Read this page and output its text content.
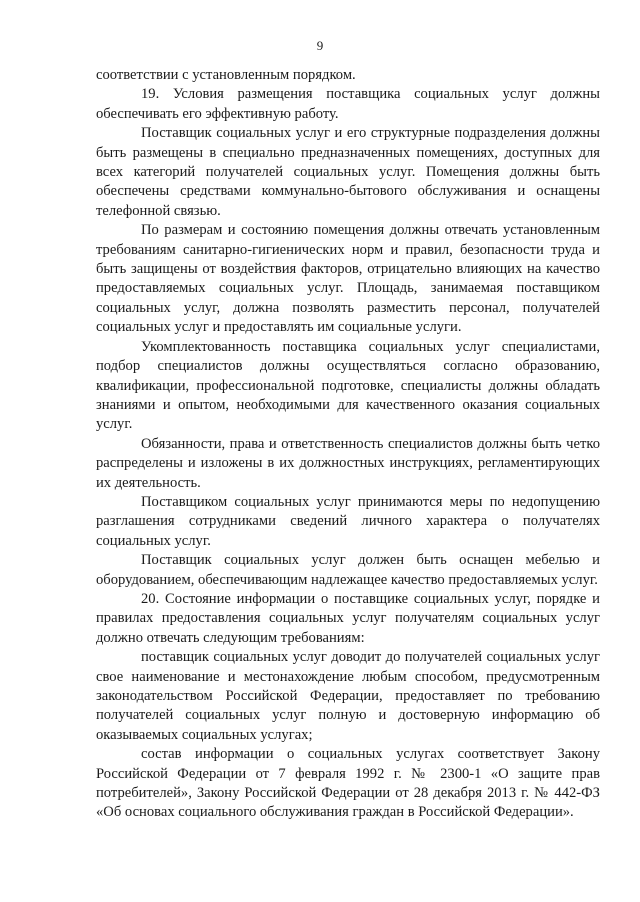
9

соответствии с установленным порядком.

19. Условия размещения поставщика социальных услуг должны обеспечивать его эффективную работу.

Поставщик социальных услуг и его структурные подразделения должны быть размещены в специально предназначенных помещениях, доступных для всех категорий получателей социальных услуг. Помещения должны быть обеспечены средствами коммунально-бытового обслуживания и оснащены телефонной связью.

По размерам и состоянию помещения должны отвечать установленным требованиям санитарно-гигиенических норм и правил, безопасности труда и быть защищены от воздействия факторов, отрицательно влияющих на качество предоставляемых социальных услуг. Площадь, занимаемая поставщиком социальных услуг, должна позволять разместить персонал, получателей социальных услуг и предоставлять им социальные услуги.

Укомплектованность поставщика социальных услуг специалистами, подбор специалистов должны осуществляться согласно образованию, квалификации, профессиональной подготовке, специалисты должны обладать знаниями и опытом, необходимыми для качественного оказания социальных услуг.

Обязанности, права и ответственность специалистов должны быть четко распределены и изложены в их должностных инструкциях, регламентирующих их деятельность.

Поставщиком социальных услуг принимаются меры по недопущению разглашения сотрудниками сведений личного характера о получателях социальных услуг.

Поставщик социальных услуг должен быть оснащен мебелью и оборудованием, обеспечивающим надлежащее качество предоставляемых услуг.

20. Состояние информации о поставщике социальных услуг, порядке и правилах предоставления социальных услуг получателям социальных услуг должно отвечать следующим требованиям:

поставщик социальных услуг доводит до получателей социальных услуг свое наименование и местонахождение любым способом, предусмотренным законодательством Российской Федерации, предоставляет по требованию получателей социальных услуг полную и достоверную информацию об оказываемых социальных услугах;

состав информации о социальных услугах соответствует Закону Российской Федерации от 7 февраля 1992 г. № 2300-1 «О защите прав потребителей», Закону Российской Федерации от 28 декабря 2013 г. № 442-ФЗ «Об основах социального обслуживания граждан в Российской Федерации».
